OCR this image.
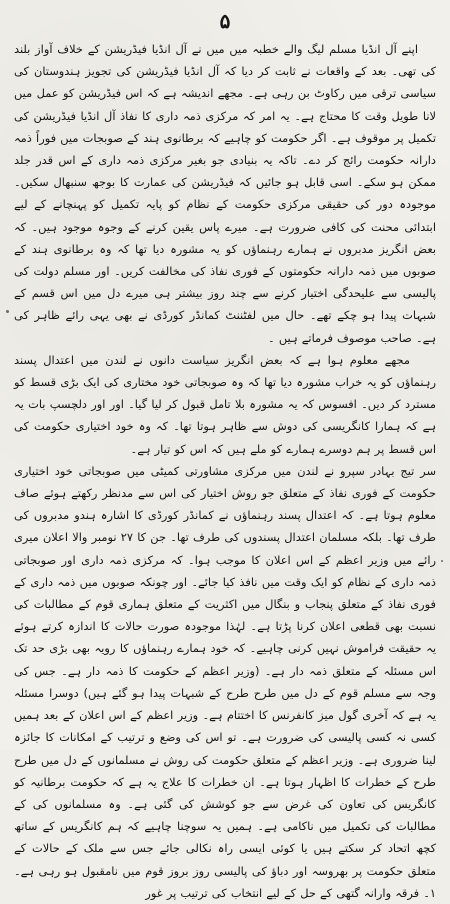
۵

اپنے آل انڈیا مسلم لیگ والے خطبہ میں میں نے آل انڈیا فیڈریشن کے خلاف آواز بلند کی تھی۔ بعد کے واقعات نے ثابت کر دیا کہ آل انڈیا فیڈریشن کی تجویز ہندوستان کی سیاسی ترقی میں رکاوٹ بن رہی ہے۔ مجھے اندیشہ ہے کہ اس فیڈریشن کو عمل میں لانا طویل وقت کا محتاج ہے۔ یہ امر کہ مرکزی ذمہ داری کا نفاذ آل انڈیا فیڈریشن کی تکمیل پر موقوف ہے۔ اگر حکومت کو چاہیے کہ برطانوی ہند کے صوبجات میں فوراً ذمہ دارانہ حکومت رائج کر دے۔ تاکہ یہ بنیادی جو بغیر مرکزی ذمہ داری کے اس قدر جلد ممکن ہو سکے۔ اسی قابل ہو جائیں کہ فیڈریشن کی عمارت کا بوجھ سنبھال سکیں۔ موجودہ دور کی حقیقی مرکزی حکومت کے نظام کو پایہ تکمیل کو پہنچانے کے لیے ابتدائی محنت کی کافی ضرورت ہے۔ میرے پاس یقین کرنے کے وجوہ موجود ہیں۔ کہ بعض انگریز مدبروں نے ہمارے رہنماؤں کو یہ مشورہ دیا تھا کہ وہ برطانوی ہند کے صوبوں میں ذمہ دارانہ حکومتوں کے فوری نفاذ کی مخالفت کریں۔ اور مسلم دولت کی پالیسی سے علیحدگی اختیار کرنے سے چند روز بیشتر ہی میرے دل میں اس قسم کے شبہات پیدا ہو چکے تھے۔ حال میں لفٹننٹ کمانڈر کورڈی نے بھی یہی رائے ظاہر کی ہے۔ صاحب موصوف فرماتے ہیں ۔

مجھے معلوم ہوا ہے کہ بعض انگریز سیاست دانوں نے لندن میں اعتدال پسند رہنماؤں کو یہ خراب مشورہ دیا تھا کہ وہ صوبجاتی خود مختاری کی ایک بڑی قسط کو مسترد کر دیں۔ افسوس کہ یہ مشورہ بلا تامل قبول کر لیا گیا۔ اور اور دلچسپ بات یہ ہے کہ ہمارا کانگریسی کی دوش سے ظاہر ہوتا تھا۔ کہ وہ خود اختیاری حکومت کی اس قسط پر ہم دوسرے ہمارے کو ملے ہیں کہ اس کو تیار ہے۔

سر تیج بہادر سپرو نے لندن میں مرکزی مشاورتی کمیٹی میں صوبجاتی خود اختیاری حکومت کے فوری نفاذ کے متعلق جو روش اختیار کی اس سے مدنظر رکھتے ہوئے صاف معلوم ہوتا ہے۔ کہ اعتدال پسند رہنماؤں نے کمانڈر کورڈی کا اشارہ ہندو مدبروں کی طرف تھا۔ بلکہ مسلمان اعتدال پسندوں کی طرف تھا۔ جن کا ۲۷ نومبر والا اعلان میری رائے میں وزیر اعظم کے اس اعلان کا موجب ہوا۔ کہ مرکزی ذمہ داری اور صوبجاتی ذمہ داری کے نظام کو ایک وقت میں نافذ کیا جائے۔ اور چونکہ صوبوں میں ذمہ داری کے فوری نفاذ کے متعلق پنجاب و بنگال میں اکثریت کے متعلق ہماری قوم کے مطالبات کی نسبت بھی قطعی اعلان کرنا پڑتا ہے۔ لہٰذا موجودہ صورت حالات کا اندازہ کرتے ہوئے یہ حقیقت فراموش نہیں کرنی چاہیے۔ کہ خود ہمارے رہنماؤں کا رویہ بھی بڑی حد تک اس مسئلہ کے متعلق ذمہ دار ہے۔ (وزیر اعظم کے حکومت کا ذمہ دار ہے۔ جس کی وجہ سے مسلم قوم کے دل میں طرح طرح کے شبہات پیدا ہو گئے ہیں) دوسرا مسئلہ یہ ہے کہ آخری گول میز کانفرنس کا اختتام ہے۔ وزیر اعظم کے اس اعلان کے بعد ہمیں کسی نہ کسی پالیسی کی ضرورت ہے۔ تو اس کی وضع و ترتیب کے امکانات کا جائزہ لینا ضروری ہے۔ وزیر اعظم کے متعلق حکومت کی روش نے مسلمانوں کے دل میں طرح طرح کے خطرات کا اظہار ہوتا ہے۔ ان خطرات کا علاج یہ ہے کہ حکومت برطانیہ کو کانگریس کی تعاون کی غرض سے جو کوشش کی گئی ہے۔ وہ مسلمانوں کی کے مطالبات کی تکمیل میں ناکامی ہے۔ ہمیں یہ سوچنا چاہیے کہ ہم کانگریس کے ساتھ کچھ اتحاد کر سکتے ہیں یا کوئی ایسی راہ نکالی جائے جس سے ملک کے حالات کے متعلق حکومت پر بھروسہ اور دباؤ کی پالیسی روز بروز قوم میں نامقبول ہو رہی ہے۔ ۱۔ فرقہ وارانہ گتھی کے حل کے لیے انتخاب کی ترتیب پر غور
